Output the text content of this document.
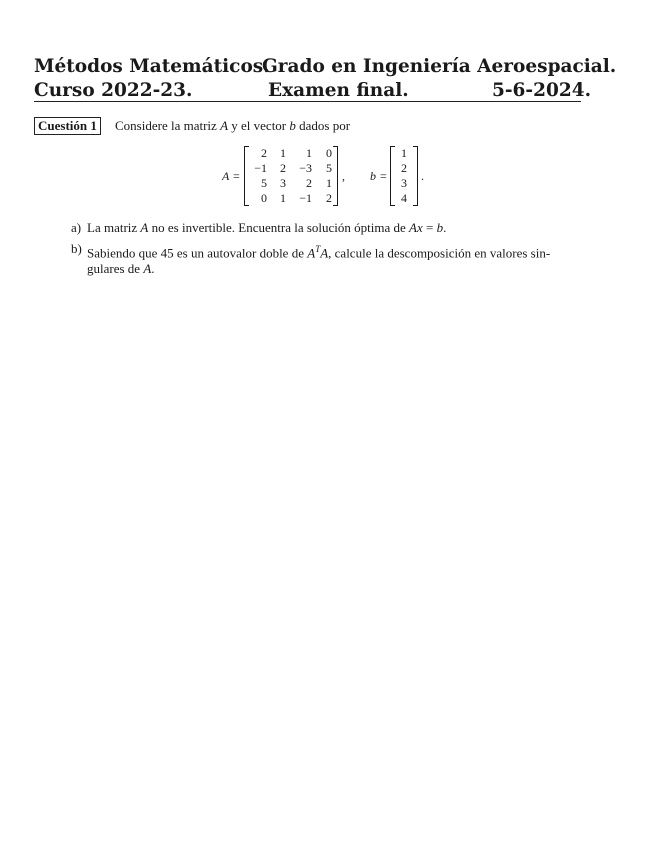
Métodos Matemáticos.
Grado en Ingeniería Aeroespacial.
Curso 2022-23.	Examen final.	5-6-2024.
Cuestión 1	Considere la matriz A y el vector b dados por
A =
2	1	1	0
−1	2	−3	5
5	3	2	1
0	1	−1	2
, b =
1
2
3
4
.
a) La matriz A no es invertible. Encuentra la solución óptima de Ax = b.
b) Sabiendo que 45 es un autovalor doble de $A^TA$, calcule la descomposición en valores sin-
gulares de A.
